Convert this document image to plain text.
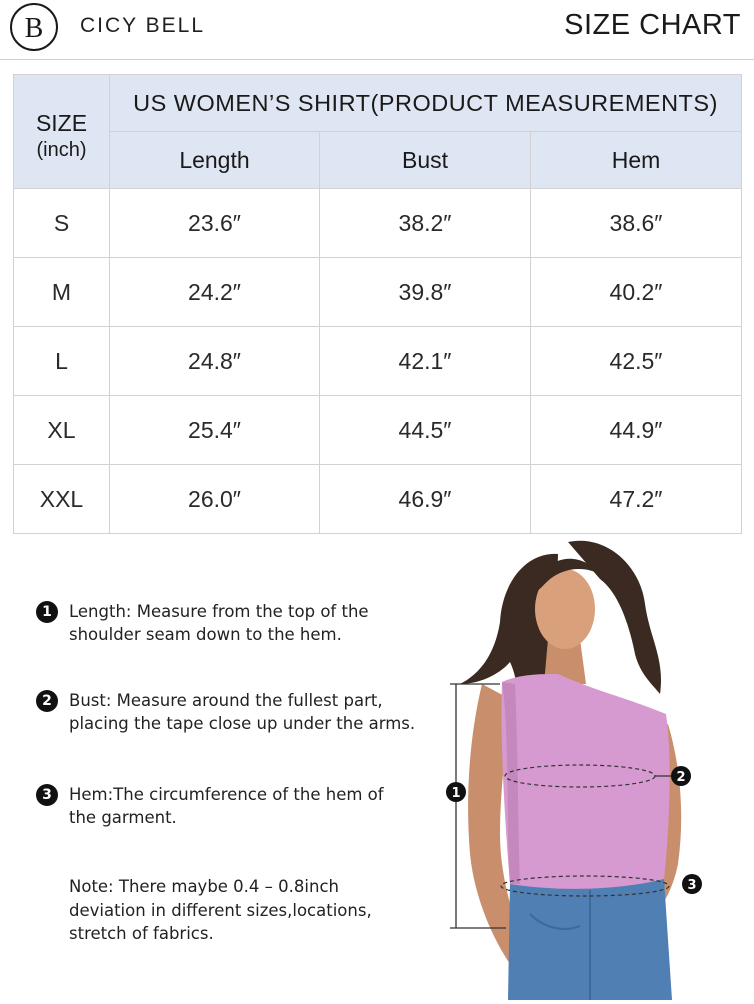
B CICY BELL	SIZE CHART
SIZE
(inch)	US WOMEN’S SHIRT(PRODUCT MEASUREMENTS)		
	Length	Bust	Hem
S	23.6″	38.2″	38.6″
M	24.2″	39.8″	40.2″
L	24.8″	42.1″	42.5″
XL	25.4″	44.5″	44.9″
XXL	26.0″	46.9″	47.2″
1	Length: Measure from the top of the
shoulder seam down to the hem.
2	Bust: Measure around the fullest part,
placing the tape close up under the arms.
3	Hem:The circumference of the hem of
the garment.
Note: There maybe 0.4 – 0.8inch
deviation in different sizes,locations,
stretch of fabrics.
1
2
3
